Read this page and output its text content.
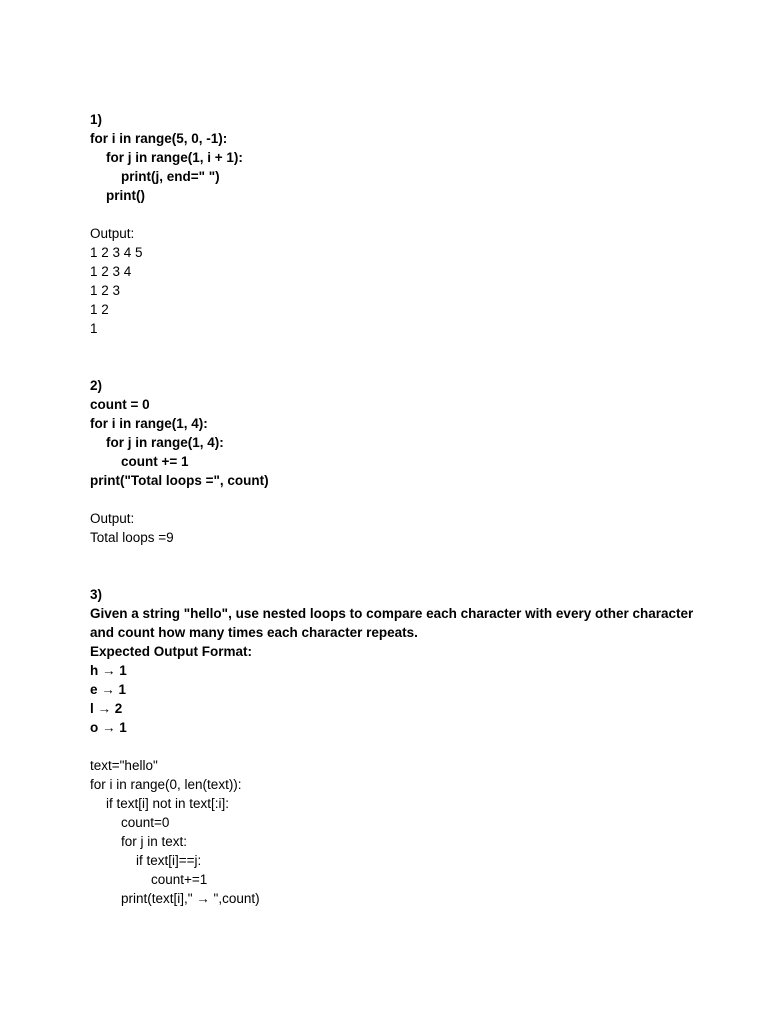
1)
for i in range(5, 0, -1):
for j in range(1, i + 1):
print(j, end=" ")
print()
Output:
1 2 3 4 5
1 2 3 4
1 2 3
1 2
1
2)
count = 0
for i in range(1, 4):
for j in range(1, 4):
count += 1
print("Total loops =", count)
Output:
Total loops =9
3)
Given a string "hello", use nested loops to compare each character with every other character and count how many times each character repeats.
Expected Output Format:
h → 1
e → 1
l → 2
o → 1
text="hello"
for i in range(0, len(text)):
if text[i] not in text[:i]:
count=0
for j in text:
if text[i]==j:
count+=1
print(text[i]," → ",count)
